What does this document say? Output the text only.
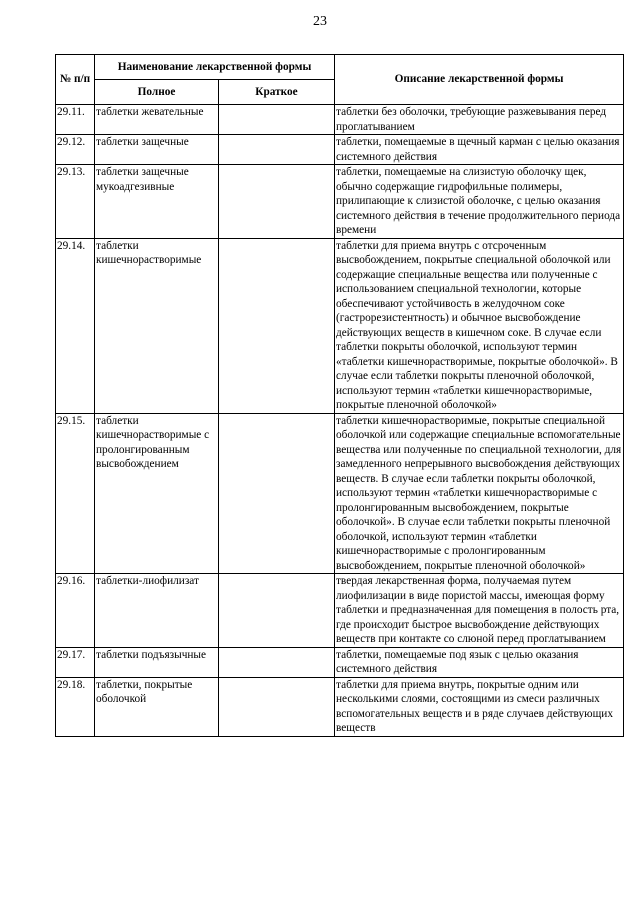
23
№ п/п	Наименование лекарственной формы		Описание лекарственной формы
	Полное	Краткое	
29.11.	таблетки жевательные		таблетки без оболочки, требующие разжевывания перед проглатыванием
29.12.	таблетки защечные		таблетки, помещаемые в щечный карман с целью оказания системного действия
29.13.	таблетки защечные мукоадгезивные		таблетки, помещаемые на слизистую оболочку щек, обычно содержащие гидрофильные полимеры, прилипающие к слизистой оболочке, с целью оказания системного действия в течение продолжительного периода времени
29.14.	таблетки кишечнорастворимые		таблетки для приема внутрь с отсроченным высвобождением, покрытые специальной оболочкой или содержащие специальные вещества или полученные с использованием специальной технологии, которые обеспечивают устойчивость в желудочном соке (гастрорезистентность) и обычное высвобождение действующих веществ в кишечном соке. В случае если таблетки покрыты оболочкой, используют термин «таблетки кишечнорастворимые, покрытые оболочкой». В случае если таблетки покрыты пленочной оболочкой, используют термин «таблетки кишечнорастворимые, покрытые пленочной оболочкой»
29.15.	таблетки кишечнорастворимые с пролонгированным высвобождением		таблетки кишечнорастворимые, покрытые специальной оболочкой или содержащие специальные вспомогательные вещества или полученные по специальной технологии, для замедленного непрерывного высвобождения действующих веществ. В случае если таблетки покрыты оболочкой, используют термин «таблетки кишечнорастворимые с пролонгированным высвобождением, покрытые оболочкой». В случае если таблетки покрыты пленочной оболочкой, используют термин «таблетки кишечнорастворимые с пролонгированным высвобождением, покрытые пленочной оболочкой»
29.16.	таблетки-лиофилизат		твердая лекарственная форма, получаемая путем лиофилизации в виде пористой массы, имеющая форму таблетки и предназначенная для помещения в полость рта, где происходит быстрое высвобождение действующих веществ при контакте со слюной перед проглатыванием
29.17.	таблетки подъязычные		таблетки, помещаемые под язык с целью оказания системного действия
29.18.	таблетки, покрытые оболочкой		таблетки для приема внутрь, покрытые одним или несколькими слоями, состоящими из смеси различных вспомогательных веществ и в ряде случаев действующих веществ
